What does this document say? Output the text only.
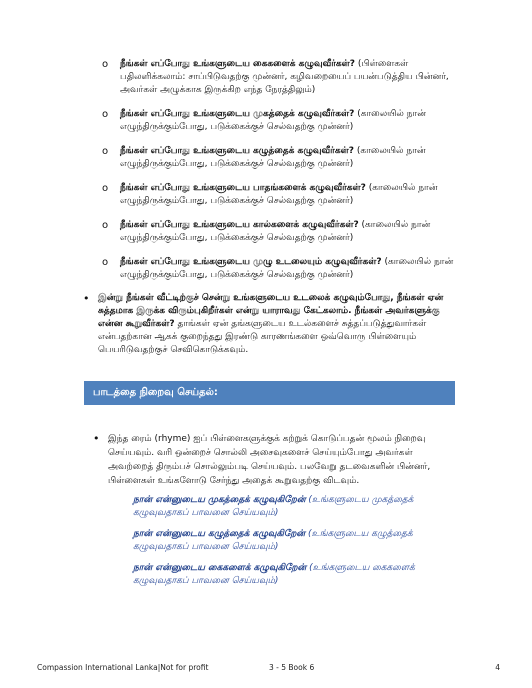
o நீங்கள் எப்போது உங்களுடைய கைகளைக் கழுவுவீர்கள்? (பிள்ளைகள் பதிலளிக்கலாம்: சாப்பிடுவதற்கு முன்னர், கழிவறையைப் பயன்படுத்திய பின்னர், அவர்கள் அழுக்காக இருக்கிற எந்த நேரத்திலும்)
o நீங்கள் எப்போது உங்களுடைய முகத்தைக் கழுவுவீர்கள்? (காலையில் நான் எழுந்திருக்கும்போது, படுக்கைக்குச் செல்வதற்கு முன்னர்)
o நீங்கள் எப்போது உங்களுடைய கழுத்தைக் கழுவுவீர்கள்? (காலையில் நான் எழுந்திருக்கும்போது, படுக்கைக்குச் செல்வதற்கு முன்னர்)
o நீங்கள் எப்போது உங்களுடைய பாதங்களைக் கழுவுவீர்கள்? (காலையில் நான் எழுந்திருக்கும்போது, படுக்கைக்குச் செல்வதற்கு முன்னர்)
o நீங்கள் எப்போது உங்களுடைய கால்களைக் கழுவுவீர்கள்? (காலையில் நான் எழுந்திருக்கும்போது, படுக்கைக்குச் செல்வதற்கு முன்னர்)
o நீங்கள் எப்போது உங்களுடைய முழு உடலையும் கழுவுவீர்கள்? (காலையில் நான் எழுந்திருக்கும்போது, படுக்கைக்குச் செல்வதற்கு முன்னர்)
• இன்று நீங்கள் வீட்டிற்குச் சென்று உங்களுடைய உடலைக் கழுவும்போது, நீங்கள் ஏன் சுத்தமாக இருக்க விரும்புகிறீர்கள் என்று யாராவது கேட்கலாம். நீங்கள் அவர்களுக்கு என்ன கூறுவீர்கள்? தாங்கள் ஏன் தங்களுடைய உடல்களைச் சுத்தப்படுத்துவார்கள் என்பதற்கான ஆகக் குறைந்தது இரண்டு காரணங்களை ஒவ்வொரு பிள்ளையும் பெயரிடுவதற்குச் செவிகொடுக்கவும்.
பாடத்தை நிறைவு செய்தல்:
• இந்த ரைம் (rhyme) ஐப் பிள்ளைகளுக்குக் கற்றுக் கொடுப்பதன் மூலம் நிறைவு செய்யவும். வரி ஒன்றைச் சொல்லி அசைவுகளைச் செய்யும்போது அவர்கள் அவற்றைத் திரும்பச் சொல்லும்படி செய்யவும். பலவேறு தடவைகளின் பின்னர், பிள்ளைகள் உங்களோடு சேர்ந்து அதைக் கூறுவதற்கு விடவும்.
நான் என்னுடைய முகத்தைக் கழுவுகிறேன் (உங்களுடைய முகத்தைக் கழுவுவதாகப் பாவனை செய்யவும்)
நான் என்னுடைய கழுத்தைக் கழுவுகிறேன் (உங்களுடைய கழுத்தைக் கழுவுவதாகப் பாவனை செய்யவும்)
நான் என்னுடைய கைகளைக் கழுவுகிறேன் (உங்களுடைய கைகளைக் கழுவுவதாகப் பாவனை செய்யவும்)
Compassion International Lanka|Not for profit	3 - 5 Book 6	4
